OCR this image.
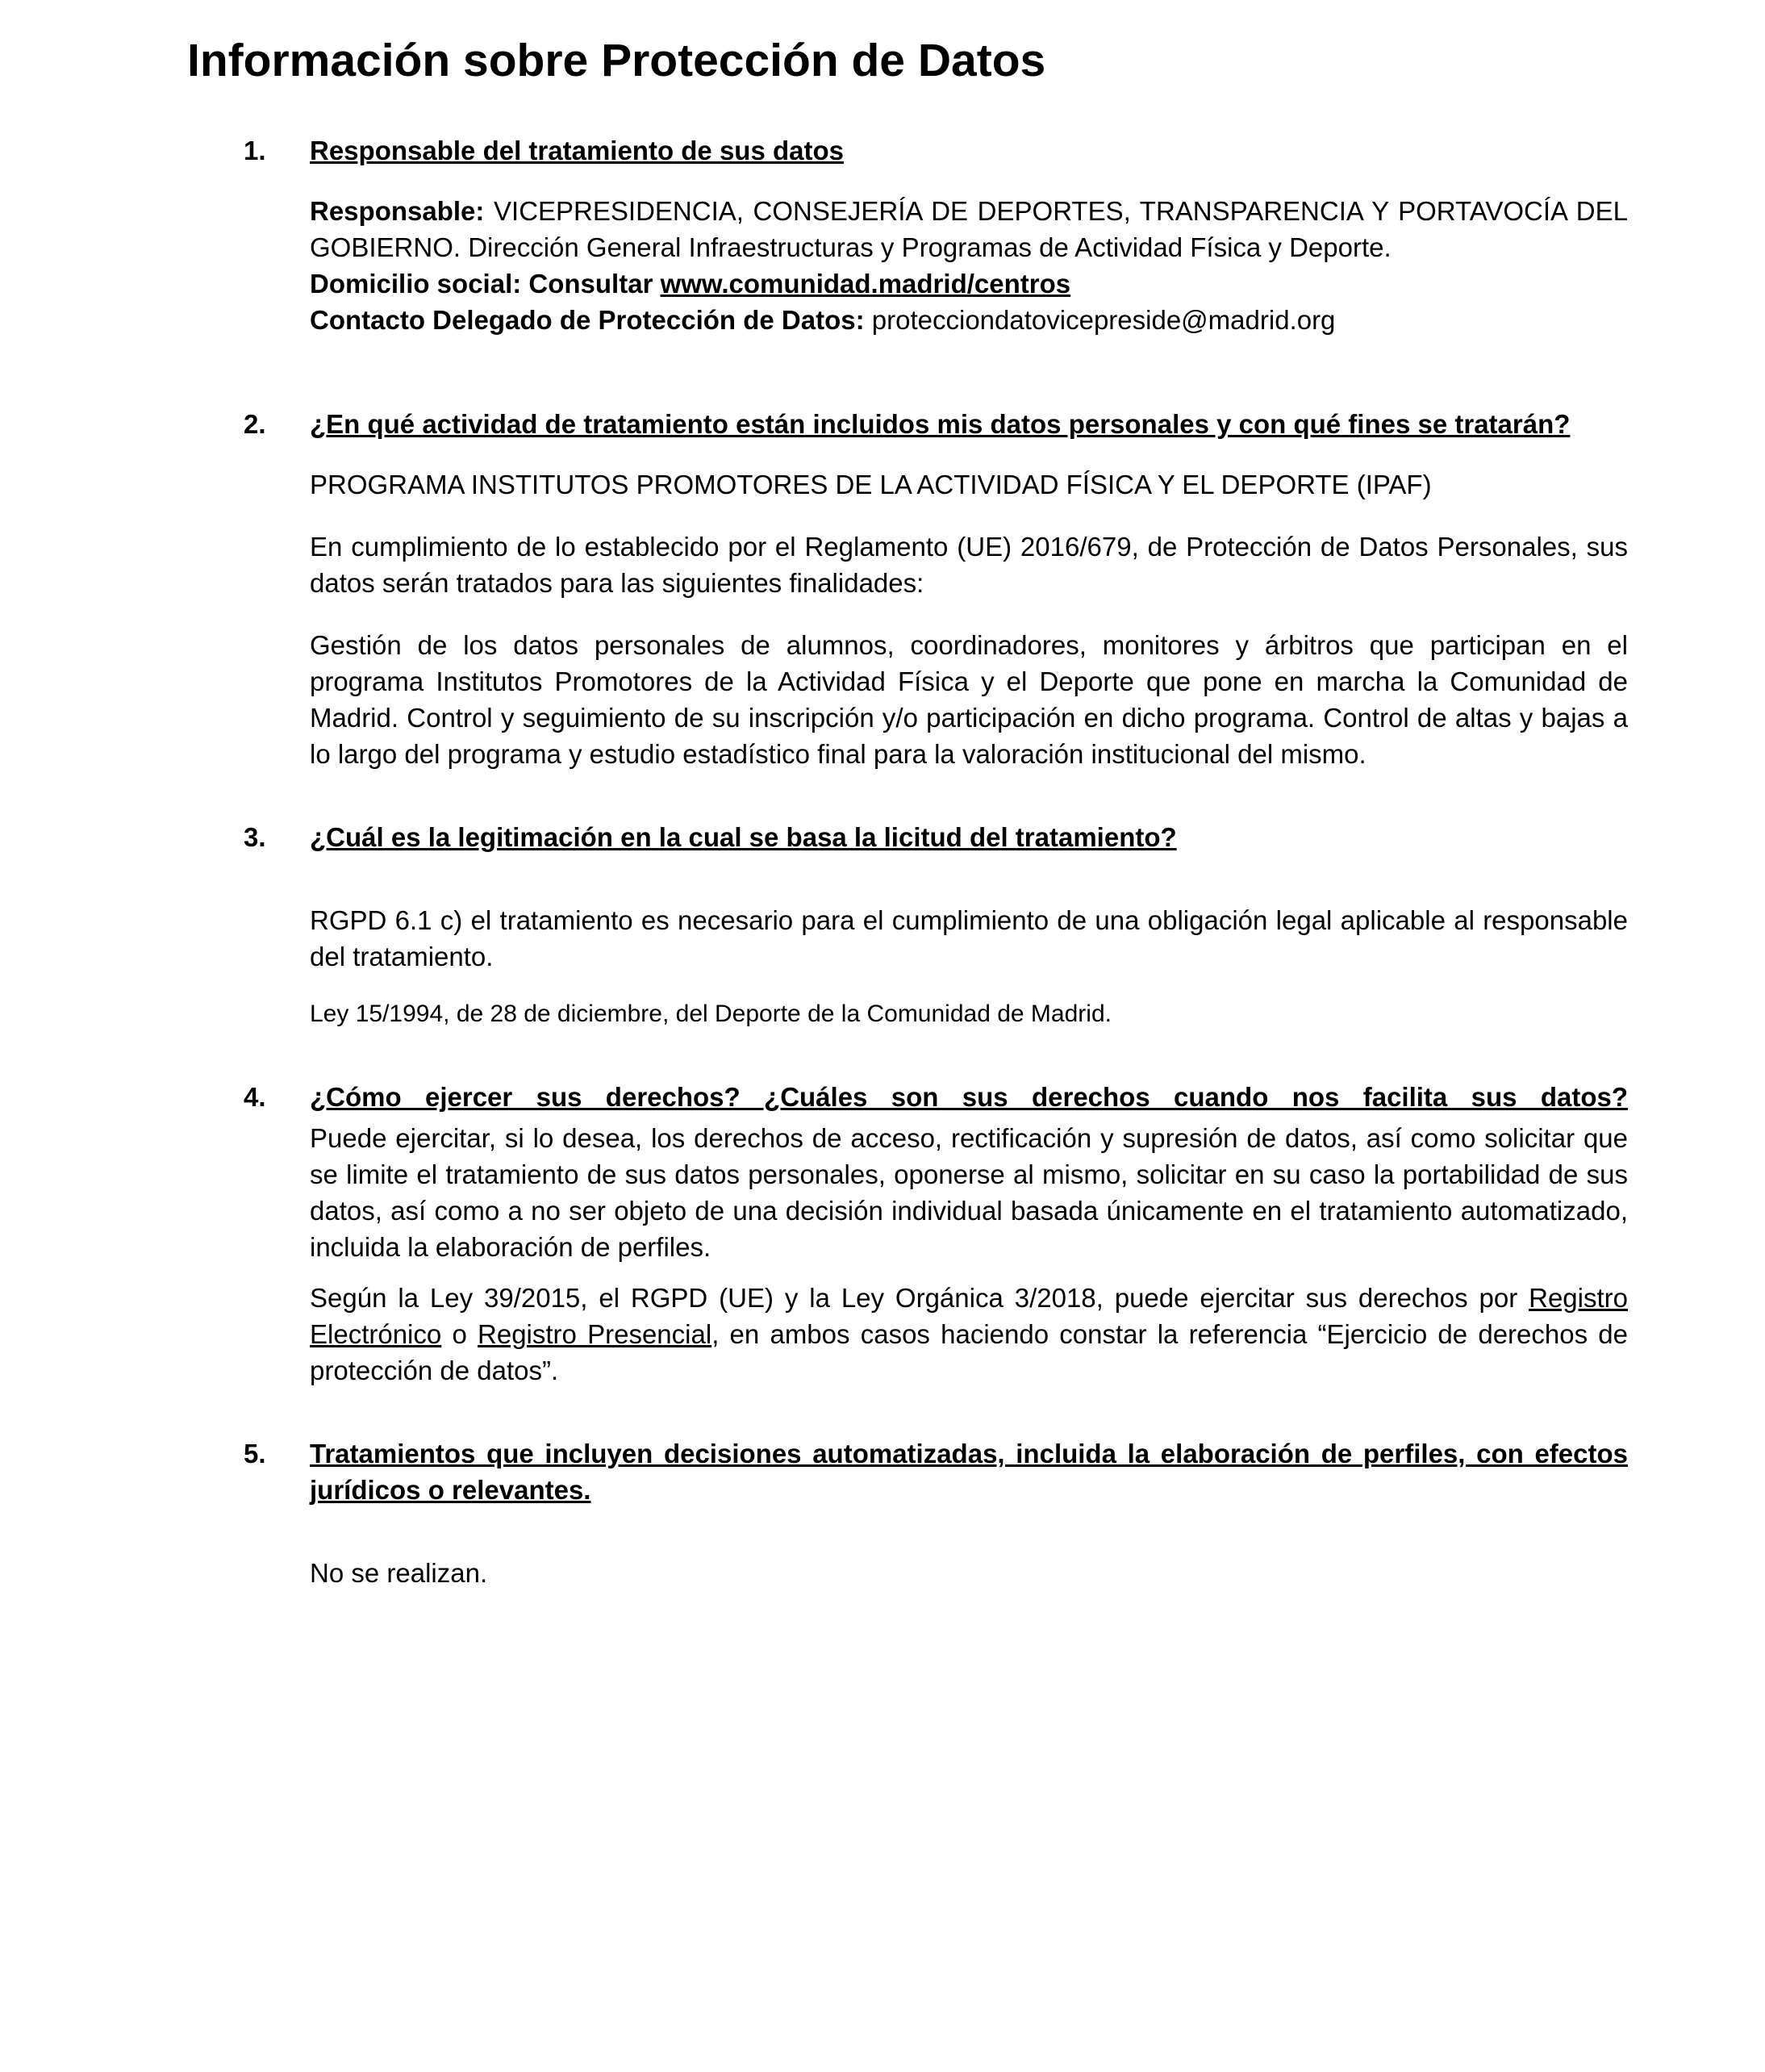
Información sobre Protección de Datos
1. Responsable del tratamiento de sus datos

Responsable: VICEPRESIDENCIA, CONSEJERÍA DE DEPORTES, TRANSPARENCIA Y PORTAVOCÍA DEL GOBIERNO. Dirección General Infraestructuras y Programas de Actividad Física y Deporte.

Domicilio social: Consultar www.comunidad.madrid/centros

Contacto Delegado de Protección de Datos: protecciondatovicepreside@madrid.org

2. ¿En qué actividad de tratamiento están incluidos mis datos personales y con qué fines se tratarán?

PROGRAMA INSTITUTOS PROMOTORES DE LA ACTIVIDAD FÍSICA Y EL DEPORTE (IPAF)

En cumplimiento de lo establecido por el Reglamento (UE) 2016/679, de Protección de Datos Personales, sus datos serán tratados para las siguientes finalidades:

Gestión de los datos personales de alumnos, coordinadores, monitores y árbitros que participan en el programa Institutos Promotores de la Actividad Física y el Deporte que pone en marcha la Comunidad de Madrid. Control y seguimiento de su inscripción y/o participación en dicho programa. Control de altas y bajas a lo largo del programa y estudio estadístico final para la valoración institucional del mismo.

3. ¿Cuál es la legitimación en la cual se basa la licitud del tratamiento?

RGPD 6.1 c) el tratamiento es necesario para el cumplimiento de una obligación legal aplicable al responsable del tratamiento.

Ley 15/1994, de 28 de diciembre, del Deporte de la Comunidad de Madrid.

4. ¿Cómo ejercer sus derechos? ¿Cuáles son sus derechos cuando nos facilita sus datos?

Puede ejercitar, si lo desea, los derechos de acceso, rectificación y supresión de datos, así como solicitar que se limite el tratamiento de sus datos personales, oponerse al mismo, solicitar en su caso la portabilidad de sus datos, así como a no ser objeto de una decisión individual basada únicamente en el tratamiento automatizado, incluida la elaboración de perfiles.

Según la Ley 39/2015, el RGPD (UE) y la Ley Orgánica 3/2018, puede ejercitar sus derechos por Registro Electrónico o Registro Presencial, en ambos casos haciendo constar la referencia “Ejercicio de derechos de protección de datos”.

5. Tratamientos que incluyen decisiones automatizadas, incluida la elaboración de perfiles, con efectos jurídicos o relevantes.

No se realizan.
